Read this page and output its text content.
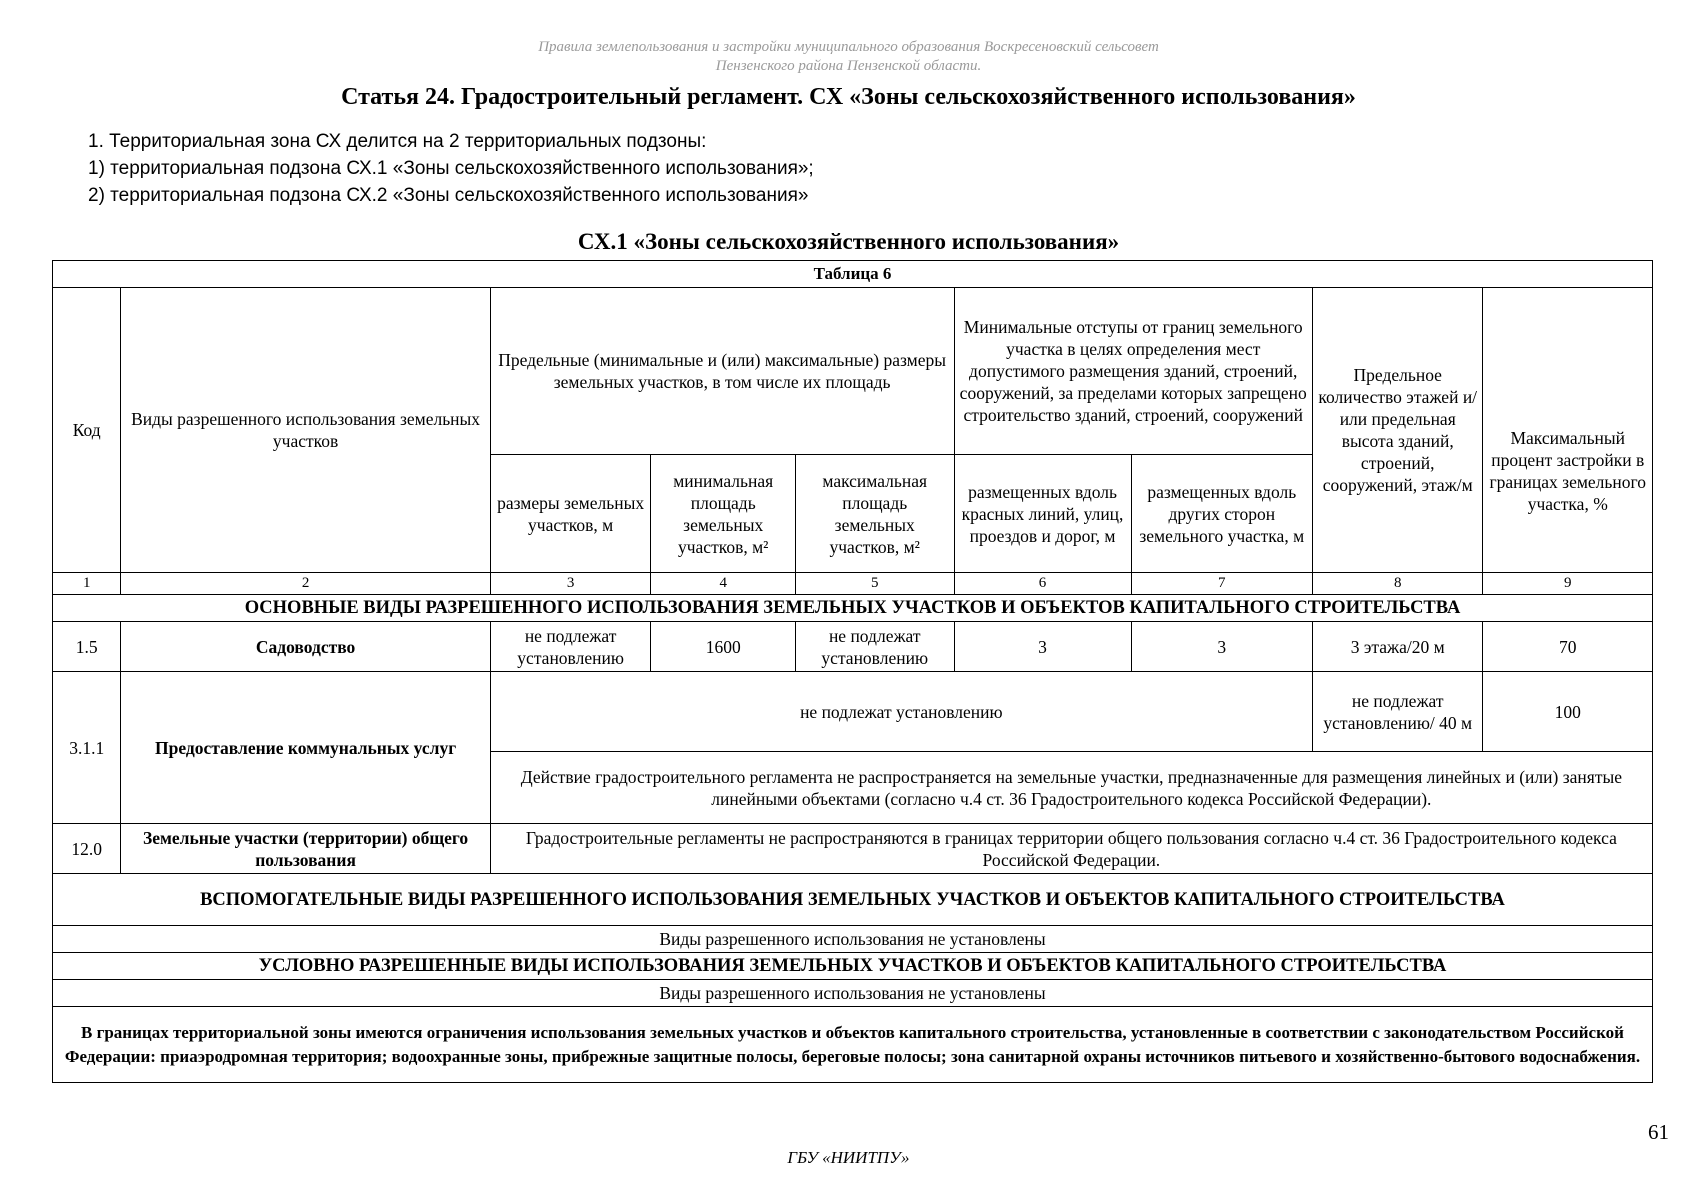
Правила землепользования и застройки муниципального образования Воскресеновский сельсовет
Пензенского района Пензенской области.
Статья 24. Градостроительный регламент. СХ «Зоны сельскохозяйственного использования»
1. Территориальная зона СХ делится на 2 территориальных подзоны:
1) территориальная подзона СХ.1 «Зоны сельскохозяйственного использования»;
2) территориальная подзона СХ.2 «Зоны сельскохозяйственного использования»
СХ.1 «Зоны сельскохозяйственного использования»
Таблица 6								
Код	Виды разрешенного использования земельных участков	Предельные (минимальные и (или) максимальные) размеры земельных участков, в том числе их площадь			Минимальные отступы от границ земельного участка в целях определения мест допустимого размещения зданий, строений, сооружений, за пределами которых запрещено строительство зданий, строений, сооружений		Предельное количество этажей и/или предельная высота зданий, строений, сооружений, этаж/м	Максимальный процент застройки в границах земельного участка, %
		размеры земельных участков, м	минимальная площадь земельных участков, м²	максимальная площадь земельных участков, м²	размещенных вдоль красных линий, улиц, проездов и дорог, м	размещенных вдоль других сторон земельного участка, м		
1	2	3	4	5	6	7	8	9
ОСНОВНЫЕ ВИДЫ РАЗРЕШЕННОГО ИСПОЛЬЗОВАНИЯ ЗЕМЕЛЬНЫХ УЧАСТКОВ И ОБЪЕКТОВ КАПИТАЛЬНОГО СТРОИТЕЛЬСТВА								
1.5	Садоводство	не подлежат установлению	1600	не подлежат установлению	3	3	3 этажа/20 м	70
3.1.1	Предоставление коммунальных услуг	не подлежат установлению					не подлежат установлению/ 40 м	100
		Действие градостроительного регламента не распространяется на земельные участки, предназначенные для размещения линейных и (или) занятые линейными объектами (согласно ч.4 ст. 36 Градостроительного кодекса Российской Федерации).						
12.0	Земельные участки (территории) общего пользования	Градостроительные регламенты не распространяются в границах территории общего пользования согласно ч.4 ст. 36 Градостроительного кодекса Российской Федерации.						
ВСПОМОГАТЕЛЬНЫЕ ВИДЫ РАЗРЕШЕННОГО ИСПОЛЬЗОВАНИЯ ЗЕМЕЛЬНЫХ УЧАСТКОВ И ОБЪЕКТОВ КАПИТАЛЬНОГО СТРОИТЕЛЬСТВА								
Виды разрешенного использования не установлены								
УСЛОВНО РАЗРЕШЕННЫЕ ВИДЫ ИСПОЛЬЗОВАНИЯ ЗЕМЕЛЬНЫХ УЧАСТКОВ И ОБЪЕКТОВ КАПИТАЛЬНОГО СТРОИТЕЛЬСТВА								
Виды разрешенного использования не установлены								
В границах территориальной зоны имеются ограничения использования земельных участков и объектов капитального строительства, установленные в соответствии с законодательством Российской Федерации: приаэродромная территория; водоохранные зоны, прибрежные защитные полосы, береговые полосы; зона санитарной охраны источников питьевого и хозяйственно-бытового водоснабжения.								
61
ГБУ «НИИТПУ»
